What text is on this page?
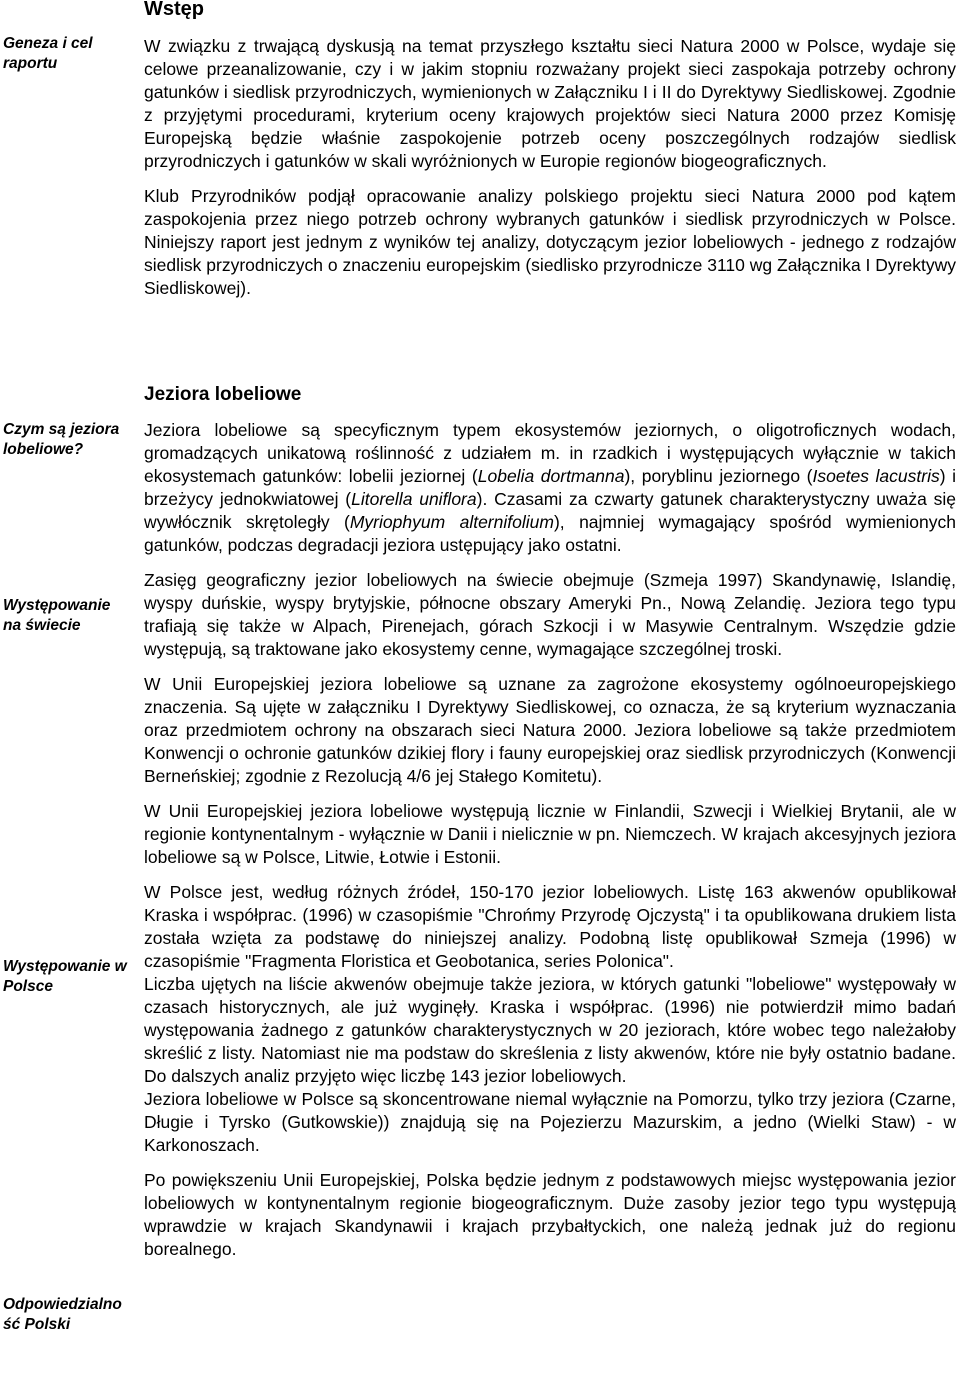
Wstęp
Geneza i cel raportu

W związku z trwającą dyskusją na temat przyszłego kształtu sieci Natura 2000 w Polsce, wydaje się celowe przeanalizowanie, czy i w jakim stopniu rozważany projekt sieci zaspokaja potrzeby ochrony gatunków i siedlisk przyrodniczych, wymienionych w Załączniku I i II do Dyrektywy Siedliskowej. Zgodnie z przyjętymi procedurami, kryterium oceny krajowych projektów sieci Natura 2000 przez Komisję Europejską będzie właśnie zaspokojenie potrzeb oceny poszczególnych rodzajów siedlisk przyrodniczych i gatunków w skali wyróżnionych w Europie regionów biogeograficznych.

Klub Przyrodników podjął opracowanie analizy polskiego projektu sieci Natura 2000 pod kątem zaspokojenia przez niego potrzeb ochrony wybranych gatunków i siedlisk przyrodniczych w Polsce. Niniejszy raport jest jednym z wyników tej analizy, dotyczącym jezior lobeliowych - jednego z rodzajów siedlisk przyrodniczych o znaczeniu europejskim (siedlisko przyrodnicze 3110 wg Załącznika I Dyrektywy Siedliskowej).

Jeziora lobeliowe
Czym są jeziora lobeliowe?
Występowanie na świecie
Występowanie w Polsce
Odpowiedzialność Polski

Jeziora lobeliowe są specyficznym typem ekosystemów jeziornych, o oligotroficznych wodach, gromadzących unikatową roślinność z udziałem m. in rzadkich i występujących wyłącznie w takich ekosystemach gatunków: lobelii jeziornej (Lobelia dortmanna), poryblinu jeziornego (Isoetes lacustris) i brzeżycy jednokwiatowej (Litorella uniflora). Czasami za czwarty gatunek charakterystyczny uważa się wywłócznik skrętoległy (Myriophyum alternifolium), najmniej wymagający spośród wymienionych gatunków, podczas degradacji jeziora ustępujący jako ostatni.

Zasięg geograficzny jezior lobeliowych na świecie obejmuje (Szmeja 1997) Skandynawię, Islandię, wyspy duńskie, wyspy brytyjskie, północne obszary Ameryki Pn., Nową Zelandię. Jeziora tego typu trafiają się także w Alpach, Pirenejach, górach Szkocji i w Masywie Centralnym. Wszędzie gdzie występują, są traktowane jako ekosystemy cenne, wymagające szczególnej troski.

W Unii Europejskiej jeziora lobeliowe są uznane za zagrożone ekosystemy ogólnoeuropejskiego znaczenia. Są ujęte w załączniku I Dyrektywy Siedliskowej, co oznacza, że są kryterium wyznaczania oraz przedmiotem ochrony na obszarach sieci Natura 2000. Jeziora lobeliowe są także przedmiotem Konwencji o ochronie gatunków dzikiej flory i fauny europejskiej oraz siedlisk przyrodniczych (Konwencji Berneńskiej; zgodnie z Rezolucją 4/6 jej Stałego Komitetu).

W Unii Europejskiej jeziora lobeliowe występują licznie w Finlandii, Szwecji i Wielkiej Brytanii, ale w regionie kontynentalnym - wyłącznie w Danii i nielicznie w pn. Niemczech. W krajach akcesyjnych jeziora lobeliowe są w Polsce, Litwie, Łotwie i Estonii.

W Polsce jest, według różnych źródeł, 150-170 jezior lobeliowych. Listę 163 akwenów opublikował Kraska i współprac. (1996) w czasopiśmie "Chrońmy Przyrodę Ojczystą" i ta opublikowana drukiem lista została wzięta za podstawę do niniejszej analizy. Podobną listę opublikował Szmeja (1996) w czasopiśmie "Fragmenta Floristica et Geobotanica, series Polonica".

Liczba ujętych na liście akwenów obejmuje także jeziora, w których gatunki "lobeliowe" występowały w czasach historycznych, ale już wyginęły. Kraska i współprac. (1996) nie potwierdził mimo badań występowania żadnego z gatunków charakterystycznych w 20 jeziorach, które wobec tego należałoby skreślić z listy. Natomiast nie ma podstaw do skreślenia z listy akwenów, które nie były ostatnio badane. Do dalszych analiz przyjęto więc liczbę 143 jezior lobeliowych.

Jeziora lobeliowe w Polsce są skoncentrowane niemal wyłącznie na Pomorzu, tylko trzy jeziora (Czarne, Długie i Tyrsko (Gutkowskie)) znajdują się na Pojezierzu Mazurskim, a jedno (Wielki Staw) - w Karkonoszach.

Po powiększeniu Unii Europejskiej, Polska będzie jednym z podstawowych miejsc występowania jezior lobeliowych w kontynentalnym regionie biogeograficznym. Duże zasoby jezior tego typu występują wprawdzie w krajach Skandynawii i krajach przybałtyckich, one należą jednak już do regionu borealnego.
